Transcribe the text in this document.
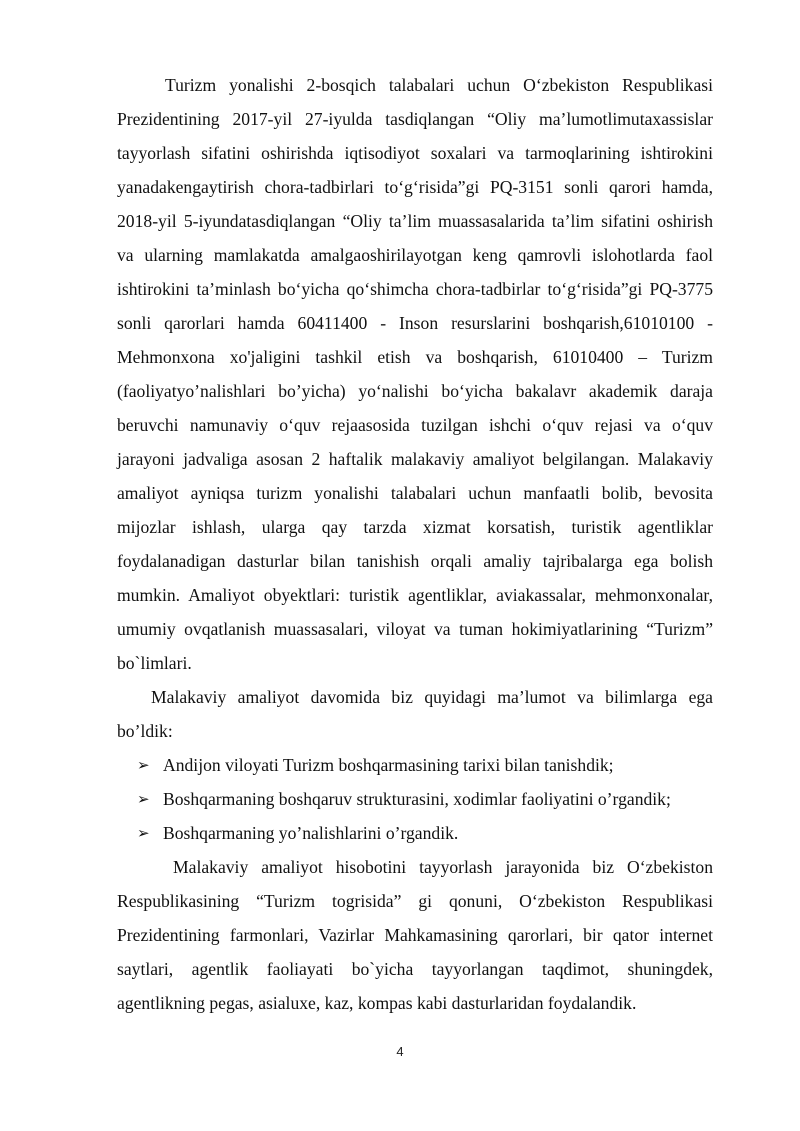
Turizm yonalishi 2-bosqich talabalari uchun O‘zbekiston Respublikasi Prezidentining 2017-yil 27-iyulda tasdiqlangan “Oliy ma’lumotlimutaxassislar tayyorlash sifatini oshirishda iqtisodiyot soxalari va tarmoqlarining ishtirokini yanadakengaytirish chora-tadbirlari to‘g‘risida”gi PQ-3151 sonli qarori hamda, 2018-yil 5-iyundatasdiqlangan “Oliy ta’lim muassasalarida ta’lim sifatini oshirish va ularning mamlakatda amalgaoshirilayotgan keng qamrovli islohotlarda faol ishtirokini ta’minlash bo‘yicha qo‘shimcha chora-tadbirlar to‘g‘risida”gi PQ-3775 sonli qarorlari hamda 60411400 - Inson resurslarini boshqarish,61010100 - Mehmonxona xo'jaligini tashkil etish va boshqarish, 61010400 – Turizm (faoliyatyo’nalishlari bo’yicha) yo‘nalishi bo‘yicha bakalavr akademik daraja beruvchi namunaviy o‘quv rejaasosida tuzilgan ishchi o‘quv rejasi va o‘quv jarayoni jadvaliga asosan 2 haftalik malakaviy amaliyot belgilangan. Malakaviy amaliyot ayniqsa turizm yonalishi talabalari uchun manfaatli bolib, bevosita mijozlar ishlash, ularga qay tarzda xizmat korsatish, turistik agentliklar foydalanadigan dasturlar bilan tanishish orqali amaliy tajribalarga ega bolish mumkin. Amaliyot obyektlari: turistik agentliklar, aviakassalar, mehmonxonalar, umumiy ovqatlanish muassasalari, viloyat va tuman hokimiyatlarining “Turizm” bo`limlari.

Malakaviy amaliyot davomida biz quyidagi ma’lumot va bilimlarga ega bo’ldik:

➢ Andijon viloyati Turizm boshqarmasining tarixi bilan tanishdik;
➢ Boshqarmaning boshqaruv strukturasini, xodimlar faoliyatini o’rgandik;
➢ Boshqarmaning yo’nalishlarini o’rgandik.

Malakaviy amaliyot hisobotini tayyorlash jarayonida biz O‘zbekiston Respublikasining “Turizm togrisida” gi qonuni, O‘zbekiston Respublikasi Prezidentining farmonlari, Vazirlar Mahkamasining qarorlari, bir qator internet saytlari, agentlik faoliayati bo`yicha tayyorlangan taqdimot, shuningdek, agentlikning pegas, asialuxe, kaz, kompas kabi dasturlaridan foydalandik.

4
